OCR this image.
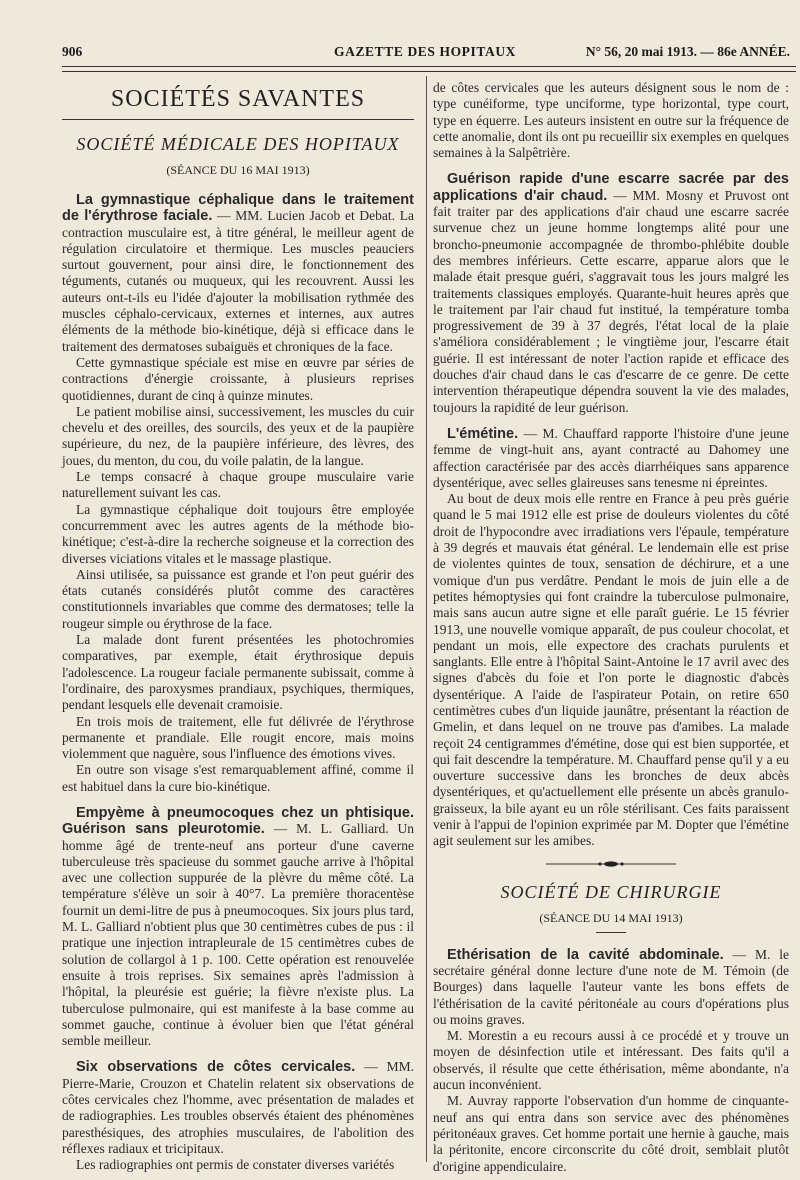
906	GAZETTE DES HOPITAUX	N° 56, 20 mai 1913. — 86e ANNÉE.
SOCIÉTÉS SAVANTES
SOCIÉTÉ MÉDICALE DES HOPITAUX
(SÉANCE DU 16 MAI 1913)

La gymnastique céphalique dans le traitement de l'érythrose faciale. — MM. Lucien Jacob et Debat. La contraction musculaire est, à titre général, le meilleur agent de régulation circulatoire et thermique. Les muscles peauciers surtout gouvernent, pour ainsi dire, le fonctionnement des téguments, cutanés ou muqueux, qui les recouvrent. Aussi les auteurs ont-t-ils eu l'idée d'ajouter la mobilisation rythmée des muscles céphalo-cervicaux, externes et internes, aux autres éléments de la méthode bio-kinétique, déjà si efficace dans le traitement des dermatoses subaiguës et chroniques de la face.

Cette gymnastique spéciale est mise en œuvre par séries de contractions d'énergie croissante, à plusieurs reprises quotidiennes, durant de cinq à quinze minutes.

Le patient mobilise ainsi, successivement, les muscles du cuir chevelu et des oreilles, des sourcils, des yeux et de la paupière supérieure, du nez, de la paupière inférieure, des lèvres, des joues, du menton, du cou, du voile palatin, de la langue.

Le temps consacré à chaque groupe musculaire varie naturellement suivant les cas.

La gymnastique céphalique doit toujours être employée concurremment avec les autres agents de la méthode bio-kinétique; c'est-à-dire la recherche soigneuse et la correction des diverses viciations vitales et le massage plastique.

Ainsi utilisée, sa puissance est grande et l'on peut guérir des états cutanés considérés plutôt comme des caractères constitutionnels invariables que comme des dermatoses; telle la rougeur simple ou érythrose de la face.

La malade dont furent présentées les photochromies comparatives, par exemple, était érythrosique depuis l'adolescence. La rougeur faciale permanente subissait, comme à l'ordinaire, des paroxysmes prandiaux, psychiques, thermiques, pendant lesquels elle devenait cramoisie.

En trois mois de traitement, elle fut délivrée de l'érythrose permanente et prandiale. Elle rougit encore, mais moins violemment que naguère, sous l'influence des émotions vives.

En outre son visage s'est remarquablement affiné, comme il est habituel dans la cure bio-kinétique.

Empyème à pneumocoques chez un phtisique. Guérison sans pleurotomie. — M. L. Galliard. Un homme âgé de trente-neuf ans porteur d'une caverne tuberculeuse très spacieuse du sommet gauche arrive à l'hôpital avec une collection suppurée de la plèvre du même côté. La température s'élève un soir à 40°7. La première thoracentèse fournit un demi-litre de pus à pneumocoques. Six jours plus tard, M. L. Galliard n'obtient plus que 30 centimètres cubes de pus : il pratique une injection intrapleurale de 15 centimètres cubes de solution de collargol à 1 p. 100. Cette opération est renouvelée ensuite à trois reprises. Six semaines après l'admission à l'hôpital, la pleurésie est guérie; la fièvre n'existe plus. La tuberculose pulmonaire, qui est manifeste à la base comme au sommet gauche, continue à évoluer bien que l'état général semble meilleur.

Six observations de côtes cervicales. — MM. Pierre-Marie, Crouzon et Chatelin relatent six observations de côtes cervicales chez l'homme, avec présentation de malades et de radiographies. Les troubles observés étaient des phénomènes paresthésiques, des atrophies musculaires, de l'abolition des réflexes radiaux et tricipitaux.

Les radiographies ont permis de constater diverses variétés

de côtes cervicales que les auteurs désignent sous le nom de : type cunéiforme, type unciforme, type horizontal, type court, type en équerre. Les auteurs insistent en outre sur la fréquence de cette anomalie, dont ils ont pu recueillir six exemples en quelques semaines à la Salpêtrière.

Guérison rapide d'une escarre sacrée par des applications d'air chaud. — MM. Mosny et Pruvost ont fait traiter par des applications d'air chaud une escarre sacrée survenue chez un jeune homme longtemps alité pour une broncho-pneumonie accompagnée de thrombo-phlébite double des membres inférieurs. Cette escarre, apparue alors que le malade était presque guéri, s'aggravait tous les jours malgré les traitements classiques employés. Quarante-huit heures après que le traitement par l'air chaud fut institué, la température tomba progressivement de 39 à 37 degrés, l'état local de la plaie s'améliora considérablement ; le vingtième jour, l'escarre était guérie. Il est intéressant de noter l'action rapide et efficace des douches d'air chaud dans le cas d'escarre de ce genre. De cette intervention thérapeutique dépendra souvent la vie des malades, toujours la rapidité de leur guérison.

L'émétine. — M. Chauffard rapporte l'histoire d'une jeune femme de vingt-huit ans, ayant contracté au Dahomey une affection caractérisée par des accès diarrhéiques sans apparence dysentérique, avec selles glaireuses sans tenesme ni épreintes.

Au bout de deux mois elle rentre en France à peu près guérie quand le 5 mai 1912 elle est prise de douleurs violentes du côté droit de l'hypocondre avec irradiations vers l'épaule, température à 39 degrés et mauvais état général. Le lendemain elle est prise de violentes quintes de toux, sensation de déchirure, et a une vomique d'un pus verdâtre. Pendant le mois de juin elle a de petites hémoptysies qui font craindre la tuberculose pulmonaire, mais sans aucun autre signe et elle paraît guérie. Le 15 février 1913, une nouvelle vomique apparaît, de pus couleur chocolat, et pendant un mois, elle expectore des crachats purulents et sanglants. Elle entre à l'hôpital Saint-Antoine le 17 avril avec des signes d'abcès du foie et l'on porte le diagnostic d'abcès dysentérique. A l'aide de l'aspirateur Potain, on retire 650 centimètres cubes d'un liquide jaunâtre, présentant la réaction de Gmelin, et dans lequel on ne trouve pas d'amibes. La malade reçoit 24 centigrammes d'émétine, dose qui est bien supportée, et qui fait descendre la température. M. Chauffard pense qu'il y a eu ouverture successive dans les bronches de deux abcès dysentériques, et qu'actuellement elle présente un abcès granulo-graisseux, la bile ayant eu un rôle stérilisant. Ces faits paraissent venir à l'appui de l'opinion exprimée par M. Dopter que l'émétine agit seulement sur les amibes.

SOCIÉTÉ DE CHIRURGIE
(SÉANCE DU 14 MAI 1913)

Ethérisation de la cavité abdominale. — M. le secrétaire général donne lecture d'une note de M. Témoin (de Bourges) dans laquelle l'auteur vante les bons effets de l'éthérisation de la cavité péritonéale au cours d'opérations plus ou moins graves.

M. Morestin a eu recours aussi à ce procédé et y trouve un moyen de désinfection utile et intéressant. Des faits qu'il a observés, il résulte que cette éthérisation, même abondante, n'a aucun inconvénient.

M. Auvray rapporte l'observation d'un homme de cinquante-neuf ans qui entra dans son service avec des phénomènes péritonéaux graves. Cet homme portait une hernie à gauche, mais la péritonite, encore circonscrite du côté droit, semblait plutôt d'origine appendiculaire.
